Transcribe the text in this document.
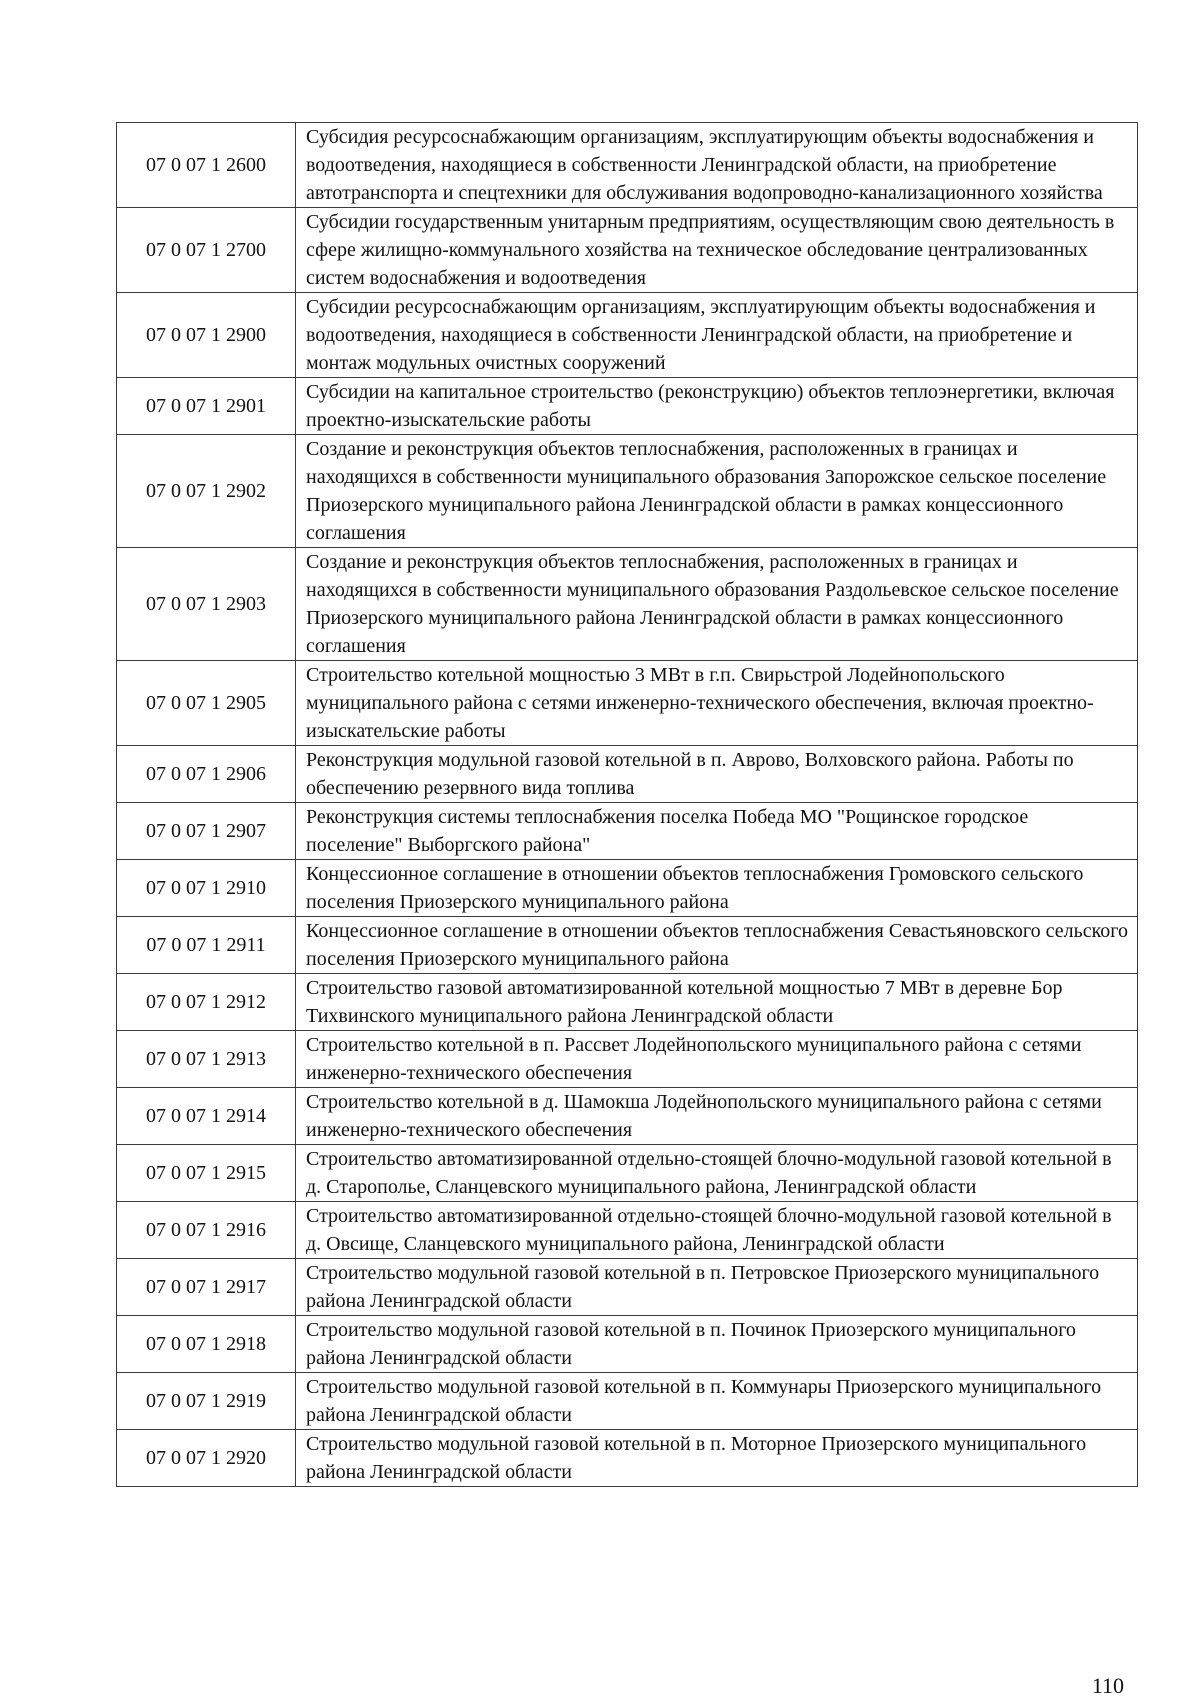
07 0 07 1 2600	Субсидия ресурсоснабжающим организациям, эксплуатирующим объекты водоснабжения и водоотведения, находящиеся в собственности Ленинградской области, на приобретение автотранспорта и спецтехники для обслуживания водопроводно-канализационного хозяйства
07 0 07 1 2700	Субсидии государственным унитарным предприятиям, осуществляющим свою деятельность в сфере жилищно-коммунального хозяйства на техническое обследование централизованных систем водоснабжения и водоотведения
07 0 07 1 2900	Субсидии ресурсоснабжающим организациям, эксплуатирующим объекты водоснабжения и водоотведения, находящиеся в собственности Ленинградской области, на приобретение и монтаж модульных очистных сооружений
07 0 07 1 2901	Субсидии на капитальное строительство (реконструкцию) объектов теплоэнергетики, включая проектно-изыскательские работы
07 0 07 1 2902	Создание и реконструкция объектов теплоснабжения, расположенных в границах и находящихся в собственности муниципального образования Запорожское сельское поселение Приозерского муниципального района Ленинградской области в рамках концессионного соглашения
07 0 07 1 2903	Создание и реконструкция объектов теплоснабжения, расположенных в границах и находящихся в собственности муниципального образования Раздольевское сельское поселение Приозерского муниципального района Ленинградской области в рамках концессионного соглашения
07 0 07 1 2905	Строительство котельной мощностью 3 МВт в г.п. Свирьстрой Лодейнопольского муниципального района с сетями инженерно-технического обеспечения, включая проектно-изыскательские работы
07 0 07 1 2906	Реконструкция модульной газовой котельной в п. Аврово, Волховского района. Работы по обеспечению резервного вида топлива
07 0 07 1 2907	Реконструкция системы теплоснабжения поселка Победа МО "Рощинское городское поселение" Выборгского района"
07 0 07 1 2910	Концессионное соглашение в отношении объектов теплоснабжения Громовского сельского поселения Приозерского муниципального района
07 0 07 1 2911	Концессионное соглашение в отношении объектов теплоснабжения Севастьяновского сельского поселения Приозерского муниципального района
07 0 07 1 2912	Строительство газовой автоматизированной котельной мощностью 7 МВт в деревне Бор Тихвинского муниципального района Ленинградской области
07 0 07 1 2913	Строительство котельной в п. Рассвет Лодейнопольского муниципального района с сетями инженерно-технического обеспечения
07 0 07 1 2914	Строительство котельной в д. Шамокша Лодейнопольского муниципального района с сетями инженерно-технического обеспечения
07 0 07 1 2915	Строительство автоматизированной отдельно-стоящей блочно-модульной газовой котельной в д. Старополье, Сланцевского муниципального района, Ленинградской области
07 0 07 1 2916	Строительство автоматизированной отдельно-стоящей блочно-модульной газовой котельной в д. Овсище, Сланцевского муниципального района, Ленинградской области
07 0 07 1 2917	Строительство модульной газовой котельной в п. Петровское Приозерского муниципального района Ленинградской области
07 0 07 1 2918	Строительство модульной газовой котельной в п. Починок Приозерского муниципального района Ленинградской области
07 0 07 1 2919	Строительство модульной газовой котельной в п. Коммунары Приозерского муниципального района Ленинградской области
07 0 07 1 2920	Строительство модульной газовой котельной в п. Моторное Приозерского муниципального района Ленинградской области
110
